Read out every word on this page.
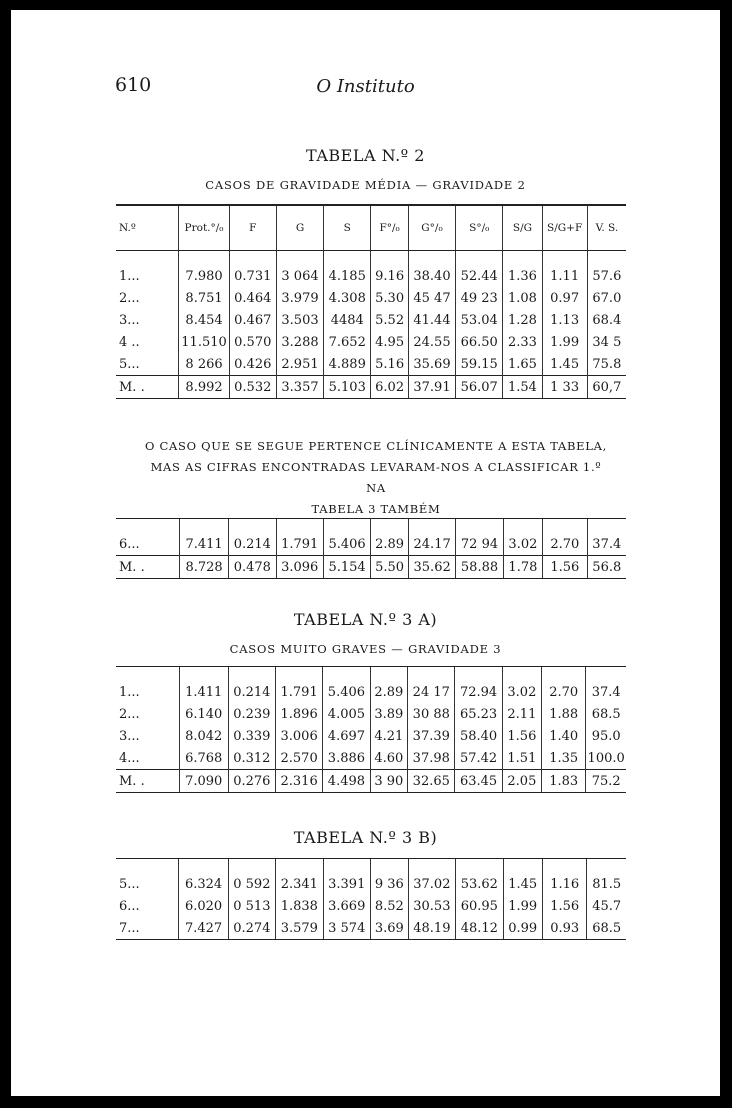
610	O Instituto
TABELA N.º 2
CASOS DE GRAVIDADE MÉDIA — GRAVIDADE 2
N.º	Prot.°/₀	F	G	S	F°/₀	G°/₀	S°/₀	S/G	S/G+F	V. S.
1...	7.980	0.731	3 064	4.185	9.16	38.40	52.44	1.36	1.11	57.6
2...	8.751	0.464	3.979	4.308	5.30	45 47	49 23	1.08	0.97	67.0
3...	8.454	0.467	3.503	4484	5.52	41.44	53.04	1.28	1.13	68.4
4 ..	11.510	0.570	3.288	7.652	4.95	24.55	66.50	2.33	1.99	34 5
5...	8 266	0.426	2.951	4.889	5.16	35.69	59.15	1.65	1.45	75.8
M. .	8.992	0.532	3.357	5.103	6.02	37.91	56.07	1.54	1 33	60,7
O CASO QUE SE SEGUE PERTENCE CLÍNICAMENTE A ESTA TABELA,
MAS AS CIFRAS ENCONTRADAS LEVARAM-NOS A CLASSIFICAR 1.º NA
TABELA 3 TAMBÉM
6...	7.411	0.214	1.791	5.406	2.89	24.17	72 94	3.02	2.70	37.4
M. .	8.728	0.478	3.096	5.154	5.50	35.62	58.88	1.78	1.56	56.8
TABELA N.º 3 A)
CASOS MUITO GRAVES — GRAVIDADE 3
1...	1.411	0.214	1.791	5.406	2.89	24 17	72.94	3.02	2.70	37.4
2...	6.140	0.239	1.896	4.005	3.89	30 88	65.23	2.11	1.88	68.5
3...	8.042	0.339	3.006	4.697	4.21	37.39	58.40	1.56	1.40	95.0
4...	6.768	0.312	2.570	3.886	4.60	37.98	57.42	1.51	1.35	100.0
M. .	7.090	0.276	2.316	4.498	3 90	32.65	63.45	2.05	1.83	75.2
TABELA N.º 3 B)
5...	6.324	0 592	2.341	3.391	9 36	37.02	53.62	1.45	1.16	81.5
6...	6.020	0 513	1.838	3.669	8.52	30.53	60.95	1.99	1.56	45.7
7...	7.427	0.274	3.579	3 574	3.69	48.19	48.12	0.99	0.93	68.5
